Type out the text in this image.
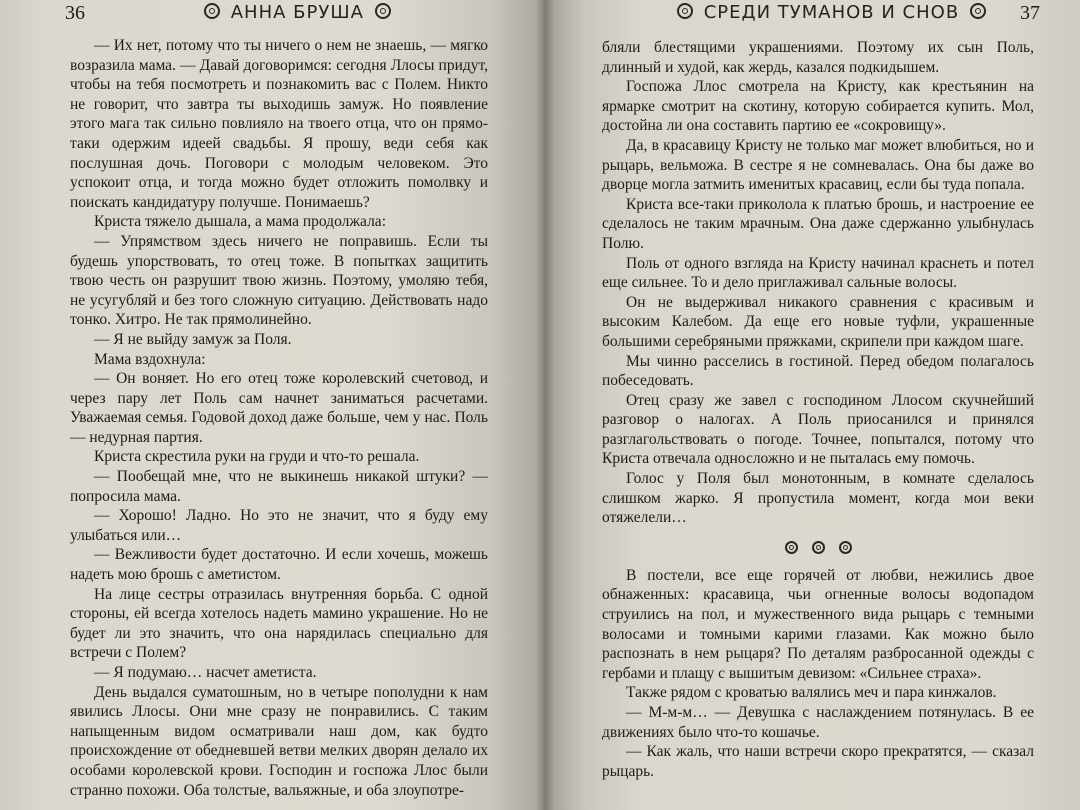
36	АННА БРУША

— Их нет, потому что ты ничего о нем не знаешь, — мягко возразила мама. — Давай договоримся: сегодня Ллосы придут, чтобы на тебя посмотреть и познакомить вас с Полем. Никто не говорит, что завтра ты выходишь замуж. Но появление этого мага так сильно повлияло на твоего отца, что он прямо-таки одержим идеей свадьбы. Я прошу, веди себя как послушная дочь. Поговори с молодым человеком. Это успокоит отца, и тогда можно будет отложить помолвку и поискать кандидатуру получше. Понимаешь?

Криста тяжело дышала, а мама продолжала:

— Упрямством здесь ничего не поправишь. Если ты будешь упорствовать, то отец тоже. В попытках защитить твою честь он разрушит твою жизнь. Поэтому, умоляю тебя, не усугубляй и без того сложную ситуацию. Действовать надо тонко. Хитро. Не так прямолинейно.

— Я не выйду замуж за Поля.

Мама вздохнула:

— Он воняет. Но его отец тоже королевский счетовод, и через пару лет Поль сам начнет заниматься расчетами. Уважаемая семья. Годовой доход даже больше, чем у нас. Поль — недурная партия.

Криста скрестила руки на груди и что-то решала.

— Пообещай мне, что не выкинешь никакой штуки? — попросила мама.

— Хорошо! Ладно. Но это не значит, что я буду ему улыбаться или…

— Вежливости будет достаточно. И если хочешь, можешь надеть мою брошь с аметистом.

На лице сестры отразилась внутренняя борьба. С одной стороны, ей всегда хотелось надеть мамино украшение. Но не будет ли это значить, что она нарядилась специально для встречи с Полем?

— Я подумаю… насчет аметиста.

День выдался суматошным, но в четыре пополудни к нам явились Ллосы. Они мне сразу не понравились. С таким напыщенным видом осматривали наш дом, как будто происхождение от обедневшей ветви мелких дворян делало их особами королевской крови. Господин и госпожа Ллос были странно похожи. Оба толстые, вальяжные, и оба злоупотре-

СРЕДИ ТУМАНОВ И СНОВ	37

бляли блестящими украшениями. Поэтому их сын Поль, длинный и худой, как жердь, казался подкидышем.

Госпожа Ллос смотрела на Кристу, как крестьянин на ярмарке смотрит на скотину, которую собирается купить. Мол, достойна ли она составить партию ее «сокровищу».

Да, в красавицу Кристу не только маг может влюбиться, но и рыцарь, вельможа. В сестре я не сомневалась. Она бы даже во дворце могла затмить именитых красавиц, если бы туда попала.

Криста все-таки приколола к платью брошь, и настроение ее сделалось не таким мрачным. Она даже сдержанно улыбнулась Полю.

Поль от одного взгляда на Кристу начинал краснеть и потел еще сильнее. То и дело приглаживал сальные волосы.

Он не выдерживал никакого сравнения с красивым и высоким Калебом. Да еще его новые туфли, украшенные большими серебряными пряжками, скрипели при каждом шаге.

Мы чинно расселись в гостиной. Перед обедом полагалось побеседовать.

Отец сразу же завел с господином Ллосом скучнейший разговор о налогах. А Поль приосанился и принялся разглагольствовать о погоде. Точнее, попытался, потому что Криста отвечала односложно и не пыталась ему помочь.

Голос у Поля был монотонным, в комнате сделалось слишком жарко. Я пропустила момент, когда мои веки отяжелели…

В постели, все еще горячей от любви, нежились двое обнаженных: красавица, чьи огненные волосы водопадом струились на пол, и мужественного вида рыцарь с темными волосами и томными карими глазами. Как можно было распознать в нем рыцаря? По деталям разбросанной одежды с гербами и плащу с вышитым девизом: «Сильнее страха».

Также рядом с кроватью валялись меч и пара кинжалов.

— М-м-м… — Девушка с наслаждением потянулась. В ее движениях было что-то кошачье.

— Как жаль, что наши встречи скоро прекратятся, — сказал рыцарь.
